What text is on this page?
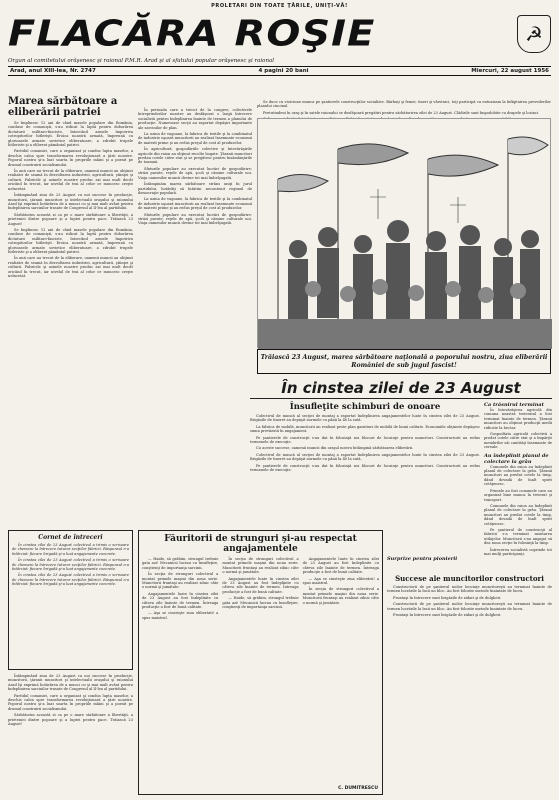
PROLETARI DIN TOATE ŢĂRILE, UNIŢI-VĂ!
FLACĂRA ROŞIE	☭
Organ al comitetului orăşenesc şi raional P.M.R. Arad şi al sfatului popular orăşenesc şi raional
Arad, anul XIII-lea, Nr. 2747	4 pagini 20 bani	Miercuri, 22 august 1956
Marea sărbătoare a eliberării patriei

Se împlinesc 12 ani de când masele populare din România, conduse de comunişti, s-au ridicat la luptă pentru doborârea dictaturii militaro-fasciste, întorcând armele împotriva cotropitorilor hitlerişti. Eroica noastră armată, împreună cu glorioasele armate sovietice eliberatoare, a zdrobit trupele hitleriste şi a eliberat pământul patriei.

Partidul comunist, care a organizat şi condus lupta maselor, a deschis calea spre transformarea revoluţionară a ţării noastre. Poporul nostru şi-a luat soarta în propriile mâini şi a pornit pe drumul construirii socialismului.

În anii care au trecut de la eliberare, oamenii muncii au obţinut realizări de seamă în dezvoltarea industriei, agriculturii, ştiinţei şi culturii. Fabricile şi uzinele noastre produc azi mai mult decât oricând în trecut, iar nivelul de trai al celor ce muncesc creşte neîncetat.

Întâmpinând ziua de 23 August cu noi succese în producţie, muncitorii, ţăranii muncitori şi intelectualii oraşului şi raionului Arad îşi exprimă hotărârea de a munci cu şi mai mult avânt pentru îndeplinirea sarcinilor trasate de Congresul al II-lea al partidului.

Sărbătorim această zi ca pe o mare sărbătoare a libertăţii, a prieteniei dintre popoare şi a luptei pentru pace. Trăiască 23 August!

Se împlinesc 12 ani de când masele populare din România, conduse de comunişti, s-au ridicat la luptă pentru doborârea dictaturii militaro-fasciste, întorcând armele împotriva cotropitorilor hitlerişti. Eroica noastră armată, împreună cu glorioasele armate sovietice eliberatoare, a zdrobit trupele hitleriste şi a eliberat pământul patriei.

În anii care au trecut de la eliberare, oamenii muncii au obţinut realizări de seamă în dezvoltarea industriei, agriculturii, ştiinţei şi culturii. Fabricile şi uzinele noastre produc azi mai mult decât oricând în trecut, iar nivelul de trai al celor ce muncesc creşte neîncetat.

În perioada care a trecut de la congres, colectivele întreprinderilor noastre au desfăşurat o largă întrecere socialistă pentru îndeplinirea înainte de termen a planului de producţie. Numeroase secţii au raportat depăşiri importante ale sarcinilor de plan.

La uzina de vagoane, la fabrica de textile şi la combinatul de industrie uşoară muncitorii au realizat însemnate economii de materii prime şi au redus preţul de cost al produselor.

În agricultură, gospodăriile colective şi întovărăşirile agricole din raion au obţinut recolte bogate. Ţăranii muncitori predau cotele către stat şi se pregătesc pentru însămânţările de toamnă.

Sfaturile populare au executat lucrări de gospodărire: străzi pavate, reţele de apă, şcoli şi cămine culturale noi. Viaţa oamenilor muncii devine tot mai îmbelşugată.

Întâmpinăm marea sărbătoare strâns uniţi în jurul partidului, hotărâţi să întărim necontenit regimul de democraţie populară.

La uzina de vagoane, la fabrica de textile şi la combinatul de industrie uşoară muncitorii au realizat însemnate economii de materii prime şi au redus preţul de cost al produselor.

Sfaturile populare au executat lucrări de gospodărire: străzi pavate, reţele de apă, şcoli şi cămine culturale noi. Viaţa oamenilor muncii devine tot mai îmbelşugată.

Se duce cu vioiciune munca pe şantierele construcţiilor socialiste. Bărbaţi şi femei, tineri şi vârstnici, toţi participă cu entuziasm la înfăptuirea prevederilor planului cincinal.

Pretutindeni în oraş şi în satele raionului se desfăşoară pregătiri pentru sărbătorirea zilei de 23 August. Clădirile sunt împodobite cu drapele şi lozinci.

Trăiască 23 August, marea sărbătoare naţională a poporului nostru, ziua eliberării României de sub jugul fascist!
În cinstea zilei de 23 August
Însufleţite schimburi de onoare

Colectivul de muncă al secţiei de montaj a raportat îndeplinirea angajamentelor luate în cinstea zilei de 23 August. Brigăzile de tineret au depăşit normele cu până la 40 la sută.

La fabrica de mobilă, muncitorii au realizat peste plan garnituri de mobilă de bună calitate. Economiile obţinute depăşesc suma prevăzută în angajament.

Pe şantierele de construcţii s-au dat în folosinţă noi blocuri de locuinţe pentru muncitori. Constructorii au redus termenele de execuţie.

Cu aceste succese, oamenii muncii din oraşul nostru întâmpină sărbătoarea eliberării.

Colectivul de muncă al secţiei de montaj a raportat îndeplinirea angajamentelor luate în cinstea zilei de 23 August. Brigăzile de tineret au depăşit normele cu până la 40 la sută.

Pe şantierele de construcţii s-au dat în folosinţă noi blocuri de locuinţe pentru muncitori. Constructorii au redus termenele de execuţie.

Ca trăsnirul terminat

În întovărăşirea agricolă din comuna noastră treieratul a fost terminat înainte de termen. Ţăranii muncitori au obţinut producţii medii ridicate la hectar.

Gospodăria agricolă colectivă a predat cotele către stat şi a împărţit membrilor săi cantităţi însemnate de cereale.

Au îndeplinit planul de colectare la grâu

Comunele din raion au îndeplinit planul de colectare la grâu. Ţăranii muncitori au predat cotele la timp, dând dovadă de înalt spirit cetăţenesc.

Primele au fost comunele care au organizat bine munca la treierat şi transport.

Comunele din raion au îndeplinit planul de colectare la grâu. Ţăranii muncitori au predat cotele la timp, dând dovadă de înalt spirit cetăţenesc.

Pe şantierul de construcţii al fabricii s-a terminat montarea utilajelor. Muncitorii s-au angajat să dea noua secţie în folosinţă la timp.

Întrecerea socialistă cuprinde tot mai mulţi participanţi.

Cornet de întreceri

În cinstea zilei de 23 August colectivul a trimis o scrisoare de chemare la întrecere tuturor secţiilor fabricii. Răspunsul n-a întârziat: fiecare brigadă şi-a luat angajamente concrete.

În cinstea zilei de 23 August colectivul a trimis o scrisoare de chemare la întrecere tuturor secţiilor fabricii. Răspunsul n-a întârziat: fiecare brigadă şi-a luat angajamente concrete.

În cinstea zilei de 23 August colectivul a trimis o scrisoare de chemare la întrecere tuturor secţiilor fabricii. Răspunsul n-a întârziat: fiecare brigadă şi-a luat angajamente concrete.

Întâmpinând ziua de 23 August cu noi succese în producţie, muncitorii, ţăranii muncitori şi intelectualii oraşului şi raionului Arad îşi exprimă hotărârea de a munci cu şi mai mult avânt pentru îndeplinirea sarcinilor trasate de Congresul al II-lea al partidului.

Partidul comunist, care a organizat şi condus lupta maselor, a deschis calea spre transformarea revoluţionară a ţării noastre. Poporul nostru şi-a luat soarta în propriile mâini şi a pornit pe drumul construirii socialismului.

Sărbătorim această zi ca pe o mare sărbătoare a libertăţii, a prieteniei dintre popoare şi a luptei pentru pace. Trăiască 23 August!

Făuritorii de strunguri şi-au respectat angajamentele

— Haide, să grăbim, strungul trebuie gata azi! Mecanicii lucrau cu însufleţire, conştienţi de importanţa sarcinii.

În secţia de strunguri colectivul a montat primele maşini din noua serie. Muncitorii fruntaşi au realizat zilnic câte o normă şi jumătate.

Angajamentele luate în cinstea zilei de 23 August au fost îndeplinite cu câteva zile înainte de termen. Întreaga producţie a fost de bună calitate.

— Aşa se cinsteşte ziua eliberării! a spus maistrul.

În secţia de strunguri colectivul a montat primele maşini din noua serie. Muncitorii fruntaşi au realizat zilnic câte o normă şi jumătate.

Angajamentele luate în cinstea zilei de 23 August au fost îndeplinite cu câteva zile înainte de termen. Întreaga producţie a fost de bună calitate.

— Haide, să grăbim, strungul trebuie gata azi! Mecanicii lucrau cu însufleţire, conştienţi de importanţa sarcinii.

Angajamentele luate în cinstea zilei de 23 August au fost îndeplinite cu câteva zile înainte de termen. Întreaga producţie a fost de bună calitate.

— Aşa se cinsteşte ziua eliberării! a spus maistrul.

În secţia de strunguri colectivul a montat primele maşini din noua serie. Muncitorii fruntaşi au realizat zilnic câte o normă şi jumătate.

C. DUMITRESCU
Surprize pentru pionierii
Succese ale muncitorilor constructori

Constructorii de pe şantierul noilor locuinţe muncitoreşti au terminat înainte de termen lucrările la încă un bloc. Au fost folosite metode înaintate de lucru.

Fruntaşi în întrecere sunt brigăzile de zidari şi de dulgheri.

Constructorii de pe şantierul noilor locuinţe muncitoreşti au terminat înainte de termen lucrările la încă un bloc. Au fost folosite metode înaintate de lucru.

Fruntaşi în întrecere sunt brigăzile de zidari şi de dulgheri.
